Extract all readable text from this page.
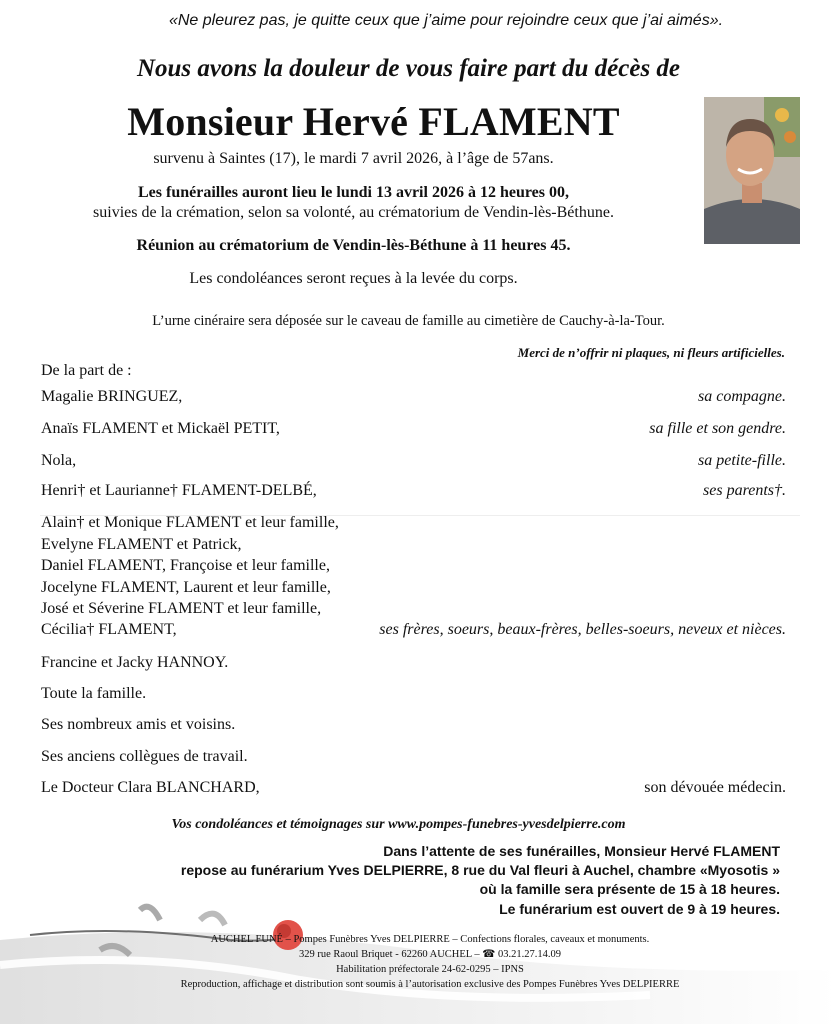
«Ne pleurez pas, je quitte ceux que j’aime pour rejoindre ceux que j’ai aimés».
Nous avons la douleur de vous faire part du décès de
Monsieur Hervé FLAMENT
survenu à Saintes (17), le mardi 7 avril 2026, à l’âge de 57ans.
Les funérailles auront lieu le lundi 13 avril 2026 à 12 heures 00,
suivies de la crémation, selon sa volonté, au crématorium de Vendin-lès-Béthune.
Réunion au crématorium de Vendin-lès-Béthune à 11 heures 45.
Les condoléances seront reçues à la levée du corps.
L’urne cinéraire sera déposée sur le caveau de famille au cimetière de Cauchy-à-la-Tour.
Merci de n’offrir ni plaques, ni fleurs artificielles.
De la part de :
Magalie BRINGUEZ,	sa compagne.
Anaïs FLAMENT et Mickaël PETIT,	sa fille et son gendre.
Nola,	sa petite-fille.
Henri† et Laurianne† FLAMENT-DELBÉ,	ses parents†.
Alain† et Monique FLAMENT et leur famille,
Evelyne FLAMENT et Patrick,
Daniel FLAMENT, Françoise et leur famille,
Jocelyne FLAMENT, Laurent et leur famille,
José et Séverine FLAMENT et leur famille,
Cécilia† FLAMENT,	ses frères, soeurs, beaux-frères, belles-soeurs, neveux et nièces.
Francine et Jacky HANNOY.
Toute la famille.
Ses nombreux amis et voisins.
Ses anciens collègues de travail.
Le Docteur Clara BLANCHARD,	son dévouée médecin.
Vos condoléances et témoignages sur www.pompes-funebres-yvesdelpierre.com
Dans l’attente de ses funérailles, Monsieur Hervé FLAMENT
repose au funérarium Yves DELPIERRE, 8 rue du Val fleuri à Auchel, chambre «Myosotis »
où la famille sera présente de 15 à 18 heures.
Le funérarium est ouvert de 9 à 19 heures.
AUCHEL FUNÉ – Pompes Funèbres Yves DELPIERRE – Confections florales, caveaux et monuments.
329 rue Raoul Briquet - 62260 AUCHEL – ☎ 03.21.27.14.09
Habilitation préfectorale 24-62-0295 – IPNS
Reproduction, affichage et distribution sont soumis à l’autorisation exclusive des Pompes Funèbres Yves DELPIERRE
